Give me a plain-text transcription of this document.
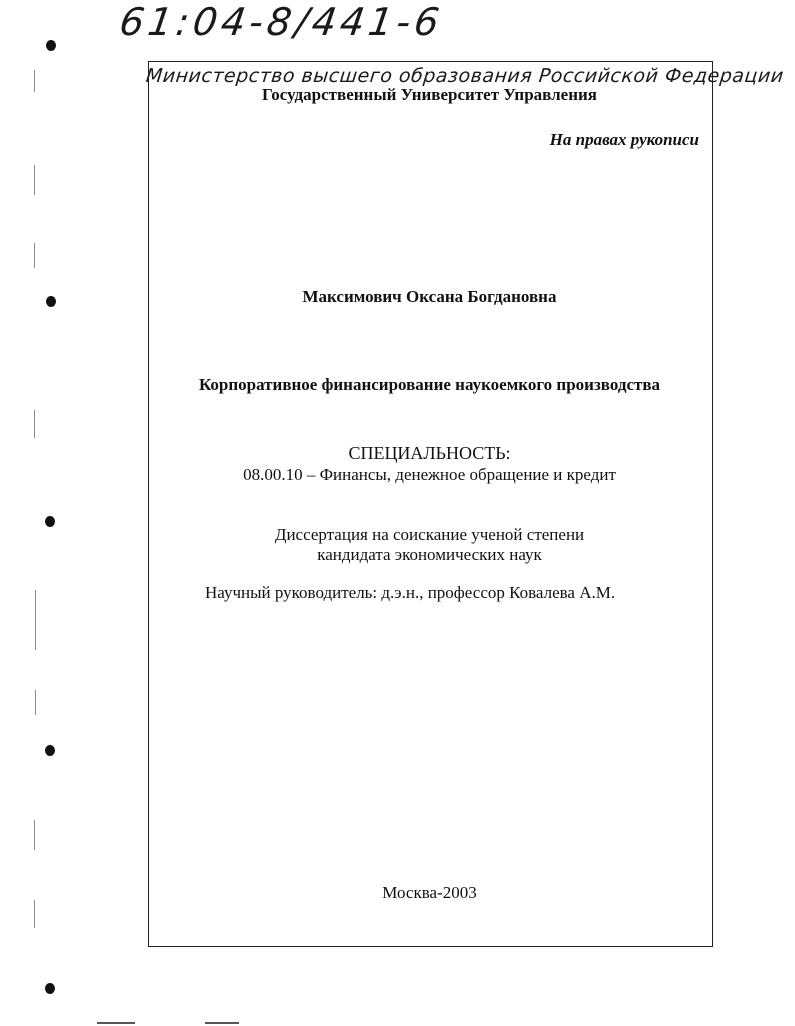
61:04-8/441-6
Министерство высшего образования Российской Федерации
Государственный Университет Управления
На правах рукописи
Максимович Оксана Богдановна
Корпоративное финансирование наукоемкого производства
СПЕЦИАЛЬНОСТЬ:
08.00.10 – Финансы, денежное обращение и кредит
Диссертация на соискание ученой степени
кандидата экономических наук
Научный руководитель: д.э.н., профессор Ковалева А.М.
Москва-2003
